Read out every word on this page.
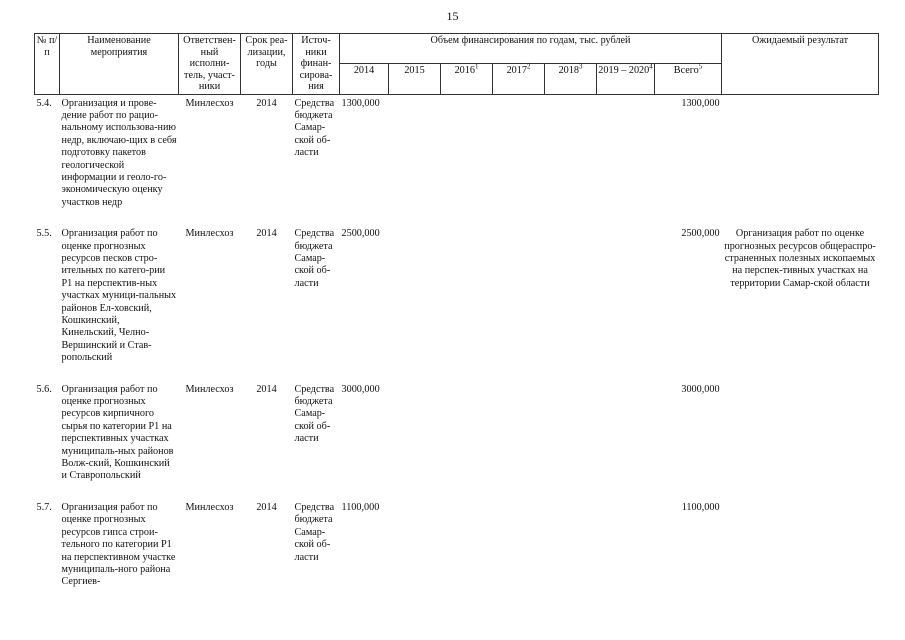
15
№ п/п	Наименование мероприятия	Ответствен-ный исполни-тель, участ-ники	Срок реа-лизации, годы	Источ-ники финан-сирова-ния	Объем финансирования по годам, тыс. рублей							Ожидаемый результат
					2014	2015	2016$^1$	2017$^2$	2018$^3$	2019 – 2020$^4$	Всего$^5$
5.4.	Организация и прове-дение работ по рацио-нальному использова-нию недр, включаю-щих в себя подготовку пакетов геологической информации и геоло-го-экономическую оценку участков недр	Минлесхоз	2014	Средства бюджета Самар-ской об-ласти	1300,000						1300,000	
5.5.	Организация работ по оценке прогнозных ресурсов песков стро-ительных по катего-рии P1 на перспектив-ных участках муници-пальных районов Ел-ховский, Кошкинский, Кинельский, Челно-Вершинский и Став-ропольский	Минлесхоз	2014	Средства бюджета Самар-ской об-ласти	2500,000						2500,000	Организация работ по оценке прогнозных ресурсов общераспро-страненных полезных ископаемых на перспек-тивных участках на территории Самар-ской области
5.6.	Организация работ по оценке прогнозных ресурсов кирпичного сырья по категории P1 на перспективных участках муниципаль-ных районов Волж-ский, Кошкинский и Ставропольский	Минлесхоз	2014	Средства бюджета Самар-ской об-ласти	3000,000						3000,000	
5.7.	Организация работ по оценке прогнозных ресурсов гипса строи-тельного по категории P1 на перспективном участке муниципаль-ного района Сергиев-	Минлесхоз	2014	Средства бюджета Самар-ской об-ласти	1100,000						1100,000	
